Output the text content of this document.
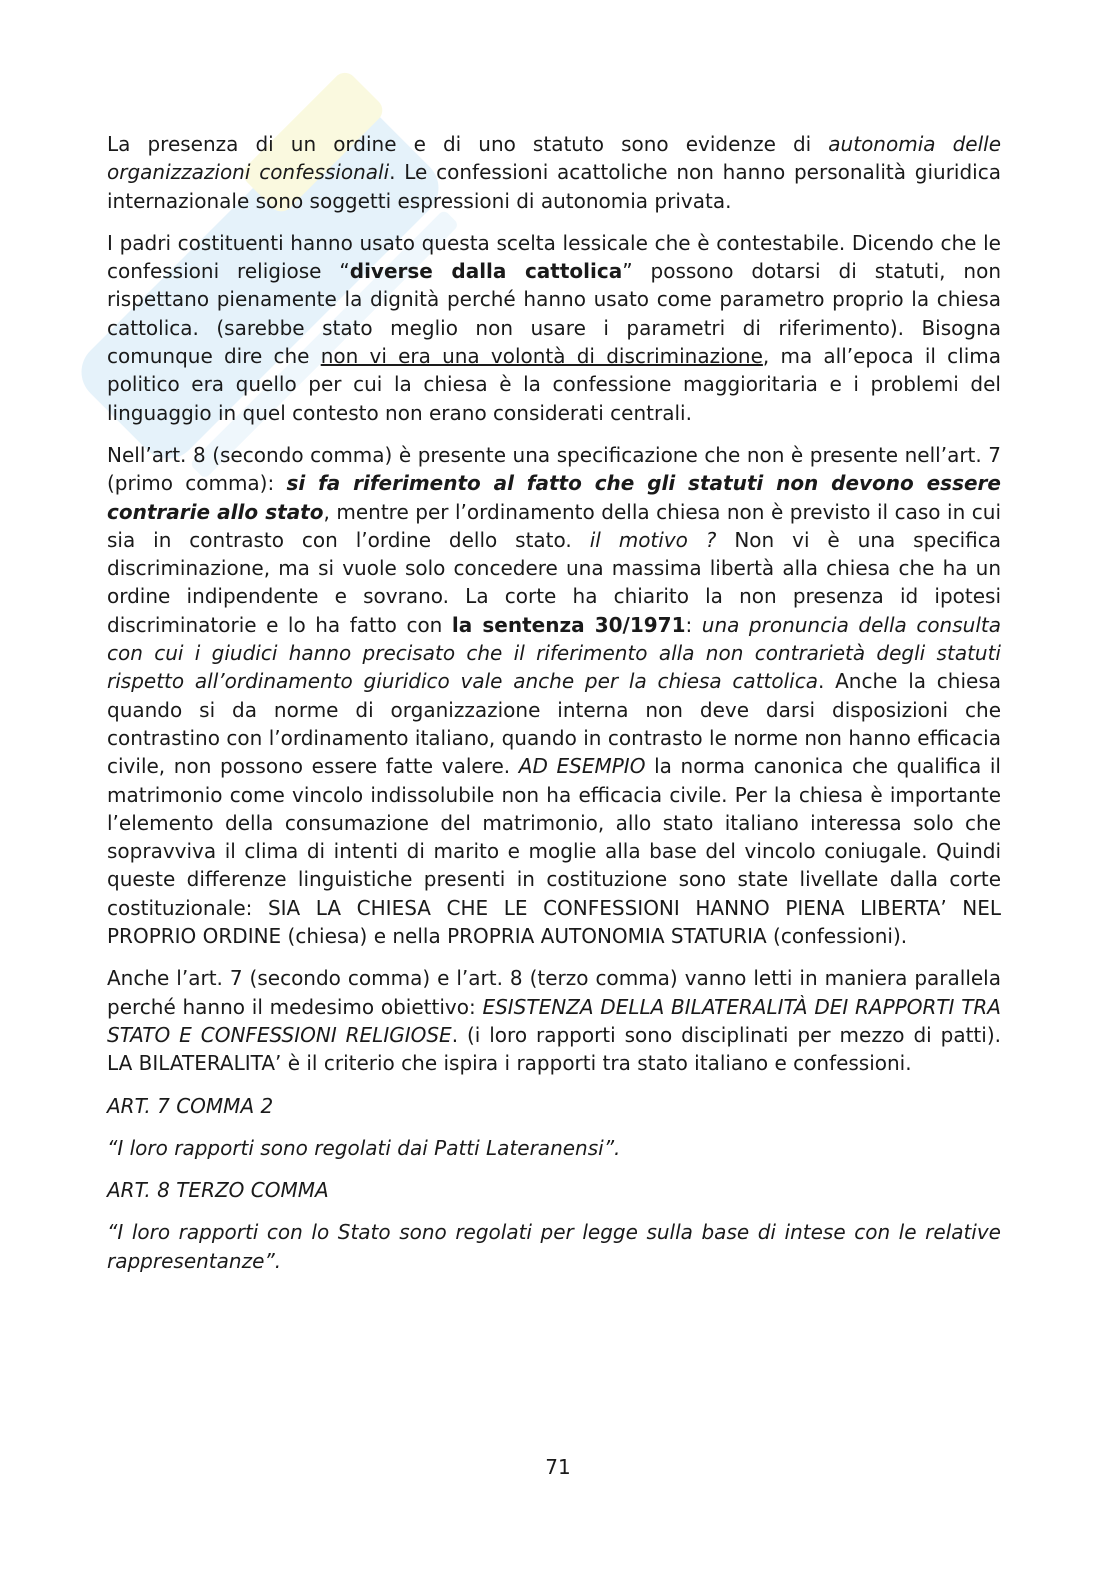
La presenza di un ordine e di uno statuto sono evidenze di autonomia delle organizzazioni confessionali. Le confessioni acattoliche non hanno personalità giuridica internazionale sono soggetti espressioni di autonomia privata.

I padri costituenti hanno usato questa scelta lessicale che è contestabile. Dicendo che le confessioni religiose “diverse dalla cattolica” possono dotarsi di statuti, non rispettano pienamente la dignità perché hanno usato come parametro proprio la chiesa cattolica. (sarebbe stato meglio non usare i parametri di riferimento). Bisogna comunque dire che non vi era una volontà di discriminazione, ma all’epoca il clima politico era quello per cui la chiesa è la confessione maggioritaria e i problemi del linguaggio in quel contesto non erano considerati centrali.

Nell’art. 8 (secondo comma) è presente una specificazione che non è presente nell’art. 7 (primo comma): si fa riferimento al fatto che gli statuti non devono essere contrarie allo stato, mentre per l’ordinamento della chiesa non è previsto il caso in cui sia in contrasto con l’ordine dello stato. il motivo ? Non vi è una specifica discriminazione, ma si vuole solo concedere una massima libertà alla chiesa che ha un ordine indipendente e sovrano. La corte ha chiarito la non presenza id ipotesi discriminatorie e lo ha fatto con la sentenza 30/1971: una pronuncia della consulta con cui i giudici hanno precisato che il riferimento alla non contrarietà degli statuti rispetto all’ordinamento giuridico vale anche per la chiesa cattolica. Anche la chiesa quando si da norme di organizzazione interna non deve darsi disposizioni che contrastino con l’ordinamento italiano, quando in contrasto le norme non hanno efficacia civile, non possono essere fatte valere. AD ESEMPIO la norma canonica che qualifica il matrimonio come vincolo indissolubile non ha efficacia civile. Per la chiesa è importante l’elemento della consumazione del matrimonio, allo stato italiano interessa solo che sopravviva il clima di intenti di marito e moglie alla base del vincolo coniugale. Quindi queste differenze linguistiche presenti in costituzione sono state livellate dalla corte costituzionale: SIA LA CHIESA CHE LE CONFESSIONI HANNO PIENA LIBERTA’ NEL PROPRIO ORDINE (chiesa) e nella PROPRIA AUTONOMIA STATURIA (confessioni).

Anche l’art. 7 (secondo comma) e l’art. 8 (terzo comma) vanno letti in maniera parallela perché hanno il medesimo obiettivo: ESISTENZA DELLA BILATERALITÀ DEI RAPPORTI TRA STATO E CONFESSIONI RELIGIOSE. (i loro rapporti sono disciplinati per mezzo di patti). LA BILATERALITA’ è il criterio che ispira i rapporti tra stato italiano e confessioni.

ART. 7 COMMA 2

“I loro rapporti sono regolati dai Patti Lateranensi”.

ART. 8 TERZO COMMA

“I loro rapporti con lo Stato sono regolati per legge sulla base di intese con le relative rappresentanze”.

71
